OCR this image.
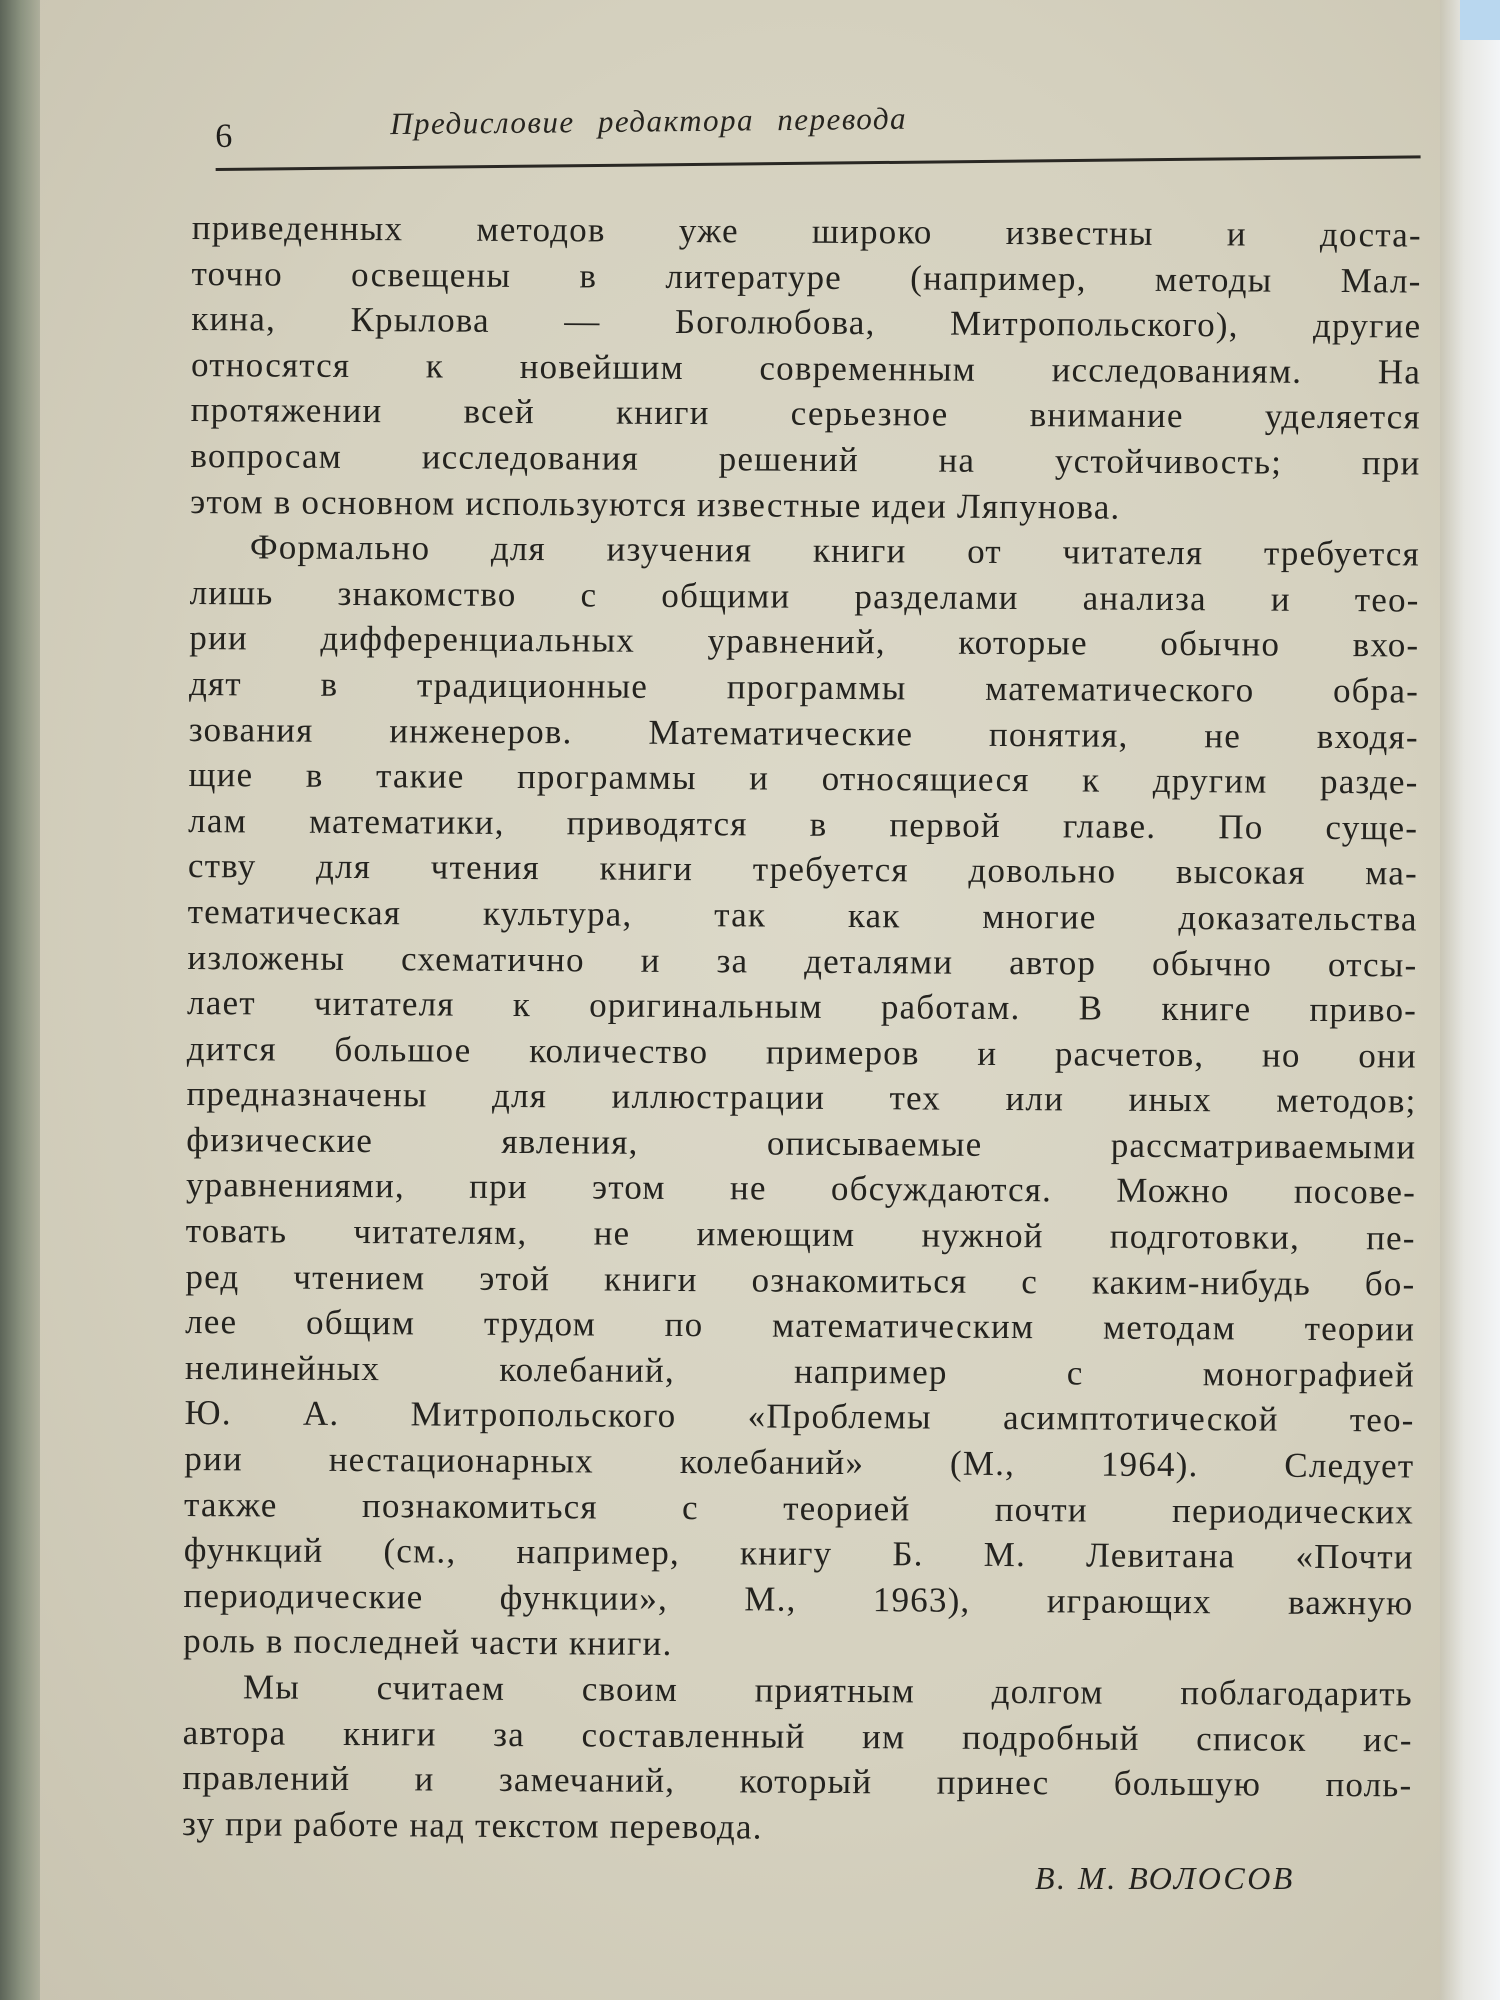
6	Предисловие редактора перевода
приведенных методов уже широко известны и доста-
точно освещены в литературе (например, методы Мал-
кина, Крылова — Боголюбова, Митропольского), другие
относятся к новейшим современным исследованиям. На
протяжении всей книги серьезное внимание уделяется
вопросам исследования решений на устойчивость; при
этом в основном используются известные идеи Ляпунова.
Формально для изучения книги от читателя требуется
лишь знакомство с общими разделами анализа и тео-
рии дифференциальных уравнений, которые обычно вхо-
дят в традиционные программы математического обра-
зования инженеров. Математические понятия, не входя-
щие в такие программы и относящиеся к другим разде-
лам математики, приводятся в первой главе. По суще-
ству для чтения книги требуется довольно высокая ма-
тематическая культура, так как многие доказательства
изложены схематично и за деталями автор обычно отсы-
лает читателя к оригинальным работам. В книге приво-
дится большое количество примеров и расчетов, но они
предназначены для иллюстрации тех или иных методов;
физические явления, описываемые рассматриваемыми
уравнениями, при этом не обсуждаются. Можно посове-
товать читателям, не имеющим нужной подготовки, пе-
ред чтением этой книги ознакомиться с каким-нибудь бо-
лее общим трудом по математическим методам теории
нелинейных колебаний, например с монографией
Ю. А. Митропольского «Проблемы асимптотической тео-
рии нестационарных колебаний» (М., 1964). Следует
также познакомиться с теорией почти периодических
функций (см., например, книгу Б. М. Левитана «Почти
периодические функции», М., 1963), играющих важную
роль в последней части книги.
Мы считаем своим приятным долгом поблагодарить
автора книги за составленный им подробный список ис-
правлений и замечаний, который принес большую поль-
зу при работе над текстом перевода.
В. М. ВОЛОСОВ
